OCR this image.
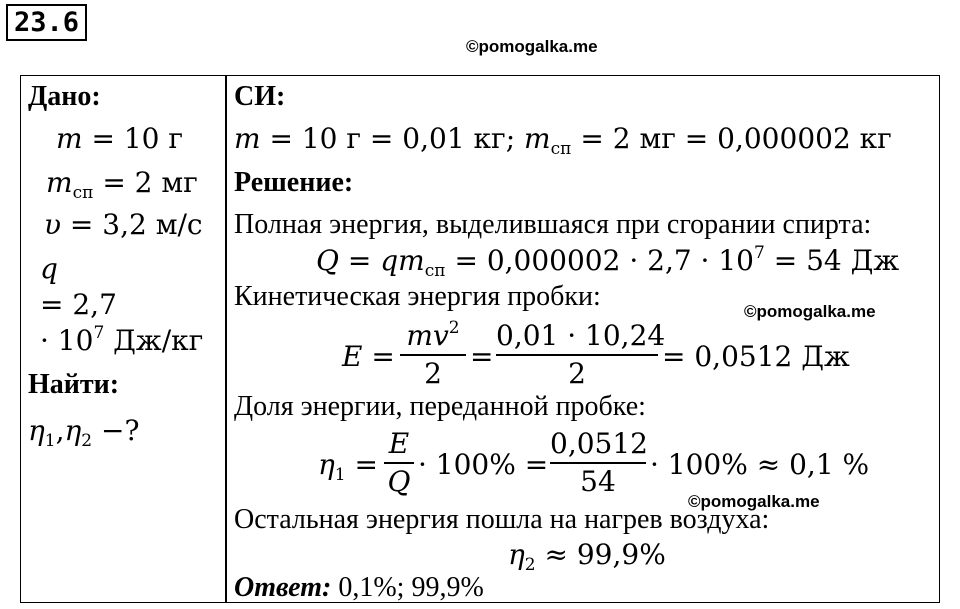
23.6
©pomogalka.me
Дано:
m = 10 г
$m_{сп} = 2$ мг
υ = 3,2 м/с
q
= 2,7
· $10^7$ Дж/кг
Найти:
$\eta_1,\eta_2$ −?
СИ:
m = 10 г = 0,01 кг; $m_{сп} = 2$ мг = 0,000002 кг
Решение:
Полная энергия, выделившаяся при сгорании спирта:
$Q = qm_{сп} = 0,000002 \cdot 2,7 \cdot 10^7 = 54$ Дж
Кинетическая энергия пробки:	©pomogalka.me
E =
$mv^2$
2
=
0,01 · 10,24
2
= 0,0512 Дж
Доля энергии, переданной пробке:
$\eta_1$ =
E
Q
· 100% =
0,0512
54
· 100% ≈ 0,1 %
©pomogalka.me
Остальная энергия пошла на нагрев воздуха:
$\eta_2 \approx 99,9\%$
Ответ: 0,1%; 99,9%
